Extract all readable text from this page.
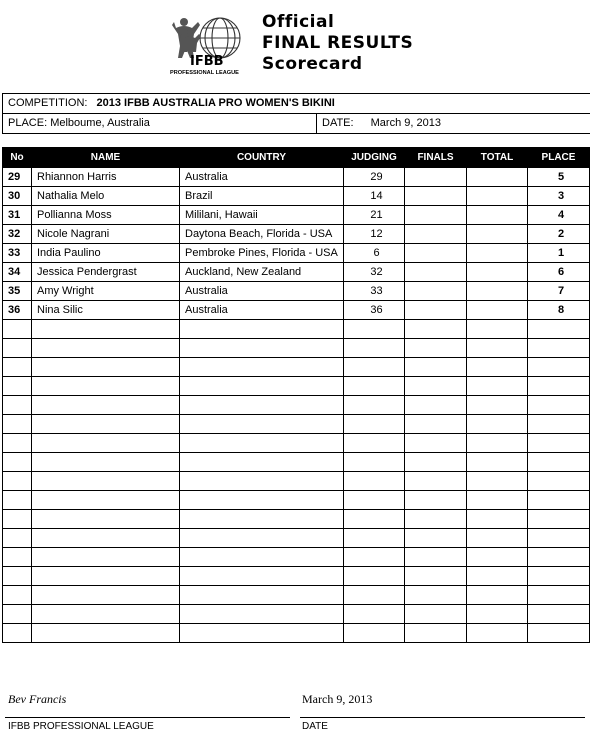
IFBB
PROFESSIONAL LEAGUE
Official
FINAL RESULTS
Scorecard
COMPETITION: 2013 IFBB AUSTRALIA PRO WOMEN'S BIKINI
PLACE: Melboume, Australia	DATE: March 9, 2013
No	NAME	COUNTRY	JUDGING	FINALS	TOTAL	PLACE
29	Rhiannon Harris	Australia	29			5
30	Nathalia Melo	Brazil	14			3
31	Pollianna Moss	Mililani, Hawaii	21			4
32	Nicole Nagrani	Daytona Beach, Florida - USA	12			2
33	India Paulino	Pembroke Pines, Florida - USA	6			1
34	Jessica Pendergrast	Auckland, New Zealand	32			6
35	Amy Wright	Australia	33			7
36	Nina Silic	Australia	36			8

Bev Francis	March 9, 2013
IFBB PROFESSIONAL LEAGUE	DATE
